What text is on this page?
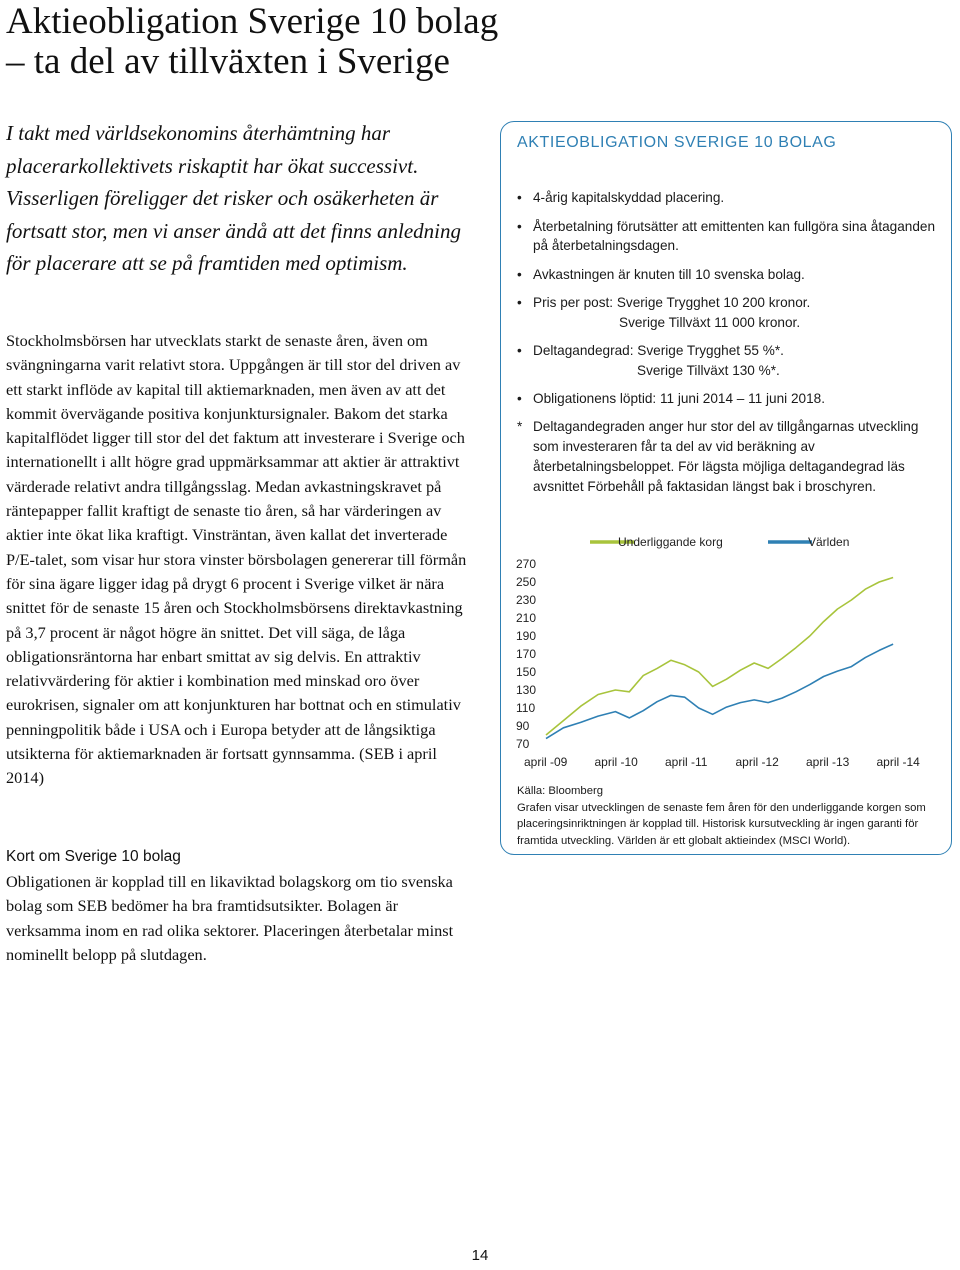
Aktieobligation Sverige 10 bolag
– ta del av tillväxten i Sverige

I takt med världsekonomins återhämtning har placerarkollektivets riskaptit har ökat successivt. Visserligen föreligger det risker och osäkerheten är fortsatt stor, men vi anser ändå att det finns anledning för placerare att se på framtiden med optimism.

Stockholmsbörsen har utvecklats starkt de senaste åren, även om svängningarna varit relativt stora. Uppgången är till stor del driven av ett starkt inflöde av kapital till aktiemarknaden, men även av att det kommit övervägande positiva konjunktursignaler. Bakom det starka kapitalflödet ligger till stor del det faktum att investerare i Sverige och internationellt i allt högre grad uppmärksammar att aktier är attraktivt värderade relativt andra tillgångsslag. Medan avkastningskravet på räntepapper fallit kraftigt de senaste tio åren, så har värderingen av aktier inte ökat lika kraftigt. Vinsträntan, även kallat det inverterade P/E-talet, som visar hur stora vinster börsbolagen genererar till förmån för sina ägare ligger idag på drygt 6 procent i Sverige vilket är nära snittet för de senaste 15 åren och Stockholmsbörsens direktavkastning på 3,7 procent är något högre än snittet. Det vill säga, de låga obligationsräntorna har enbart smittat av sig delvis. En attraktiv relativvärdering för aktier i kombination med minskad oro över eurokrisen, signaler om att konjunkturen har bottnat och en stimulativ penningpolitik både i USA och i Europa betyder att de långsiktiga utsikterna för aktiemarknaden är fortsatt gynnsamma. (SEB i april 2014)

Kort om Sverige 10 bolag

Obligationen är kopplad till en likaviktad bolagskorg om tio svenska bolag som SEB bedömer ha bra framtidsutsikter. Bolagen är verksamma inom en rad olika sektorer. Placeringen återbetalar minst nominellt belopp på slutdagen.

AKTIEOBLIGATION SVERIGE 10 BOLAG
• 4-årig kapitalskyddad placering.
• Återbetalning förutsätter att emittenten kan fullgöra sina åtaganden på återbetalningsdagen.
• Avkastningen är knuten till 10 svenska bolag.
• Pris per post: Sverige Trygghet 10 200 kronor.
Sverige Tillväxt 11 000 kronor.
• Deltagandegrad: Sverige Trygghet 55 %*.
Sverige Tillväxt 130 %*.
• Obligationens löptid: 11 juni 2014 – 11 juni 2018.
* Deltagandegraden anger hur stor del av tillgångarnas utveckling som investeraren får ta del av vid beräkning av återbetalningsbeloppet. För lägsta möjliga deltagandegrad läs avsnittet Förbehåll på faktasidan längst bak i broschyren.
Källa: Bloomberg
Grafen visar utvecklingen de senaste fem åren för den underliggande korgen som placeringsinriktningen är kopplad till. Historisk kursutveckling är ingen garanti för framtida utveckling. Världen är ett globalt aktieindex (MSCI World).
Underliggande korg	Världen
270
250
230
210
190
170
150
130
110
90
70
april -09 april -10 april -11 april -12 april -13 april -14
14
